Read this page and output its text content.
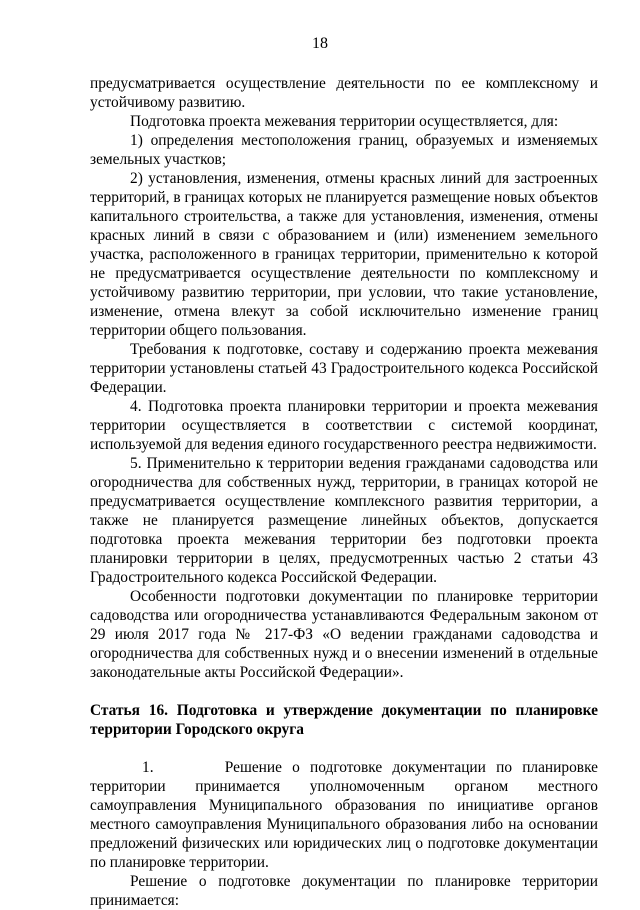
18

предусматривается осуществление деятельности по ее комплексному и устойчивому развитию.

Подготовка проекта межевания территории осуществляется, для:

1) определения местоположения границ, образуемых и изменяемых земельных участков;

2) установления, изменения, отмены красных линий для застроенных территорий, в границах которых не планируется размещение новых объектов капитального строительства, а также для установления, изменения, отмены красных линий в связи с образованием и (или) изменением земельного участка, расположенного в границах территории, применительно к которой не предусматривается осуществление деятельности по комплексному и устойчивому развитию территории, при условии, что такие установление, изменение, отмена влекут за собой исключительно изменение границ территории общего пользования.

Требования к подготовке, составу и содержанию проекта межевания территории установлены статьей 43 Градостроительного кодекса Российской Федерации.

4. Подготовка проекта планировки территории и проекта межевания территории осуществляется в соответствии с системой координат, используемой для ведения единого государственного реестра недвижимости.

5. Применительно к территории ведения гражданами садоводства или огородничества для собственных нужд, территории, в границах которой не предусматривается осуществление комплексного развития территории, а также не планируется размещение линейных объектов, допускается подготовка проекта межевания территории без подготовки проекта планировки территории в целях, предусмотренных частью 2 статьи 43 Градостроительного кодекса Российской Федерации.

Особенности подготовки документации по планировке территории садоводства или огородничества устанавливаются Федеральным законом от 29 июля 2017 года № 217-ФЗ «О ведении гражданами садоводства и огородничества для собственных нужд и о внесении изменений в отдельные законодательные акты Российской Федерации».

Статья 16. Подготовка и утверждение документации по планировке территории Городского округа

1.       Решение о подготовке документации по планировке территории принимается уполномоченным органом местного самоуправления Муниципального образования по инициативе органов местного самоуправления Муниципального образования либо на основании предложений физических или юридических лиц о подготовке документации по планировке территории.

Решение о подготовке документации по планировке территории принимается:
